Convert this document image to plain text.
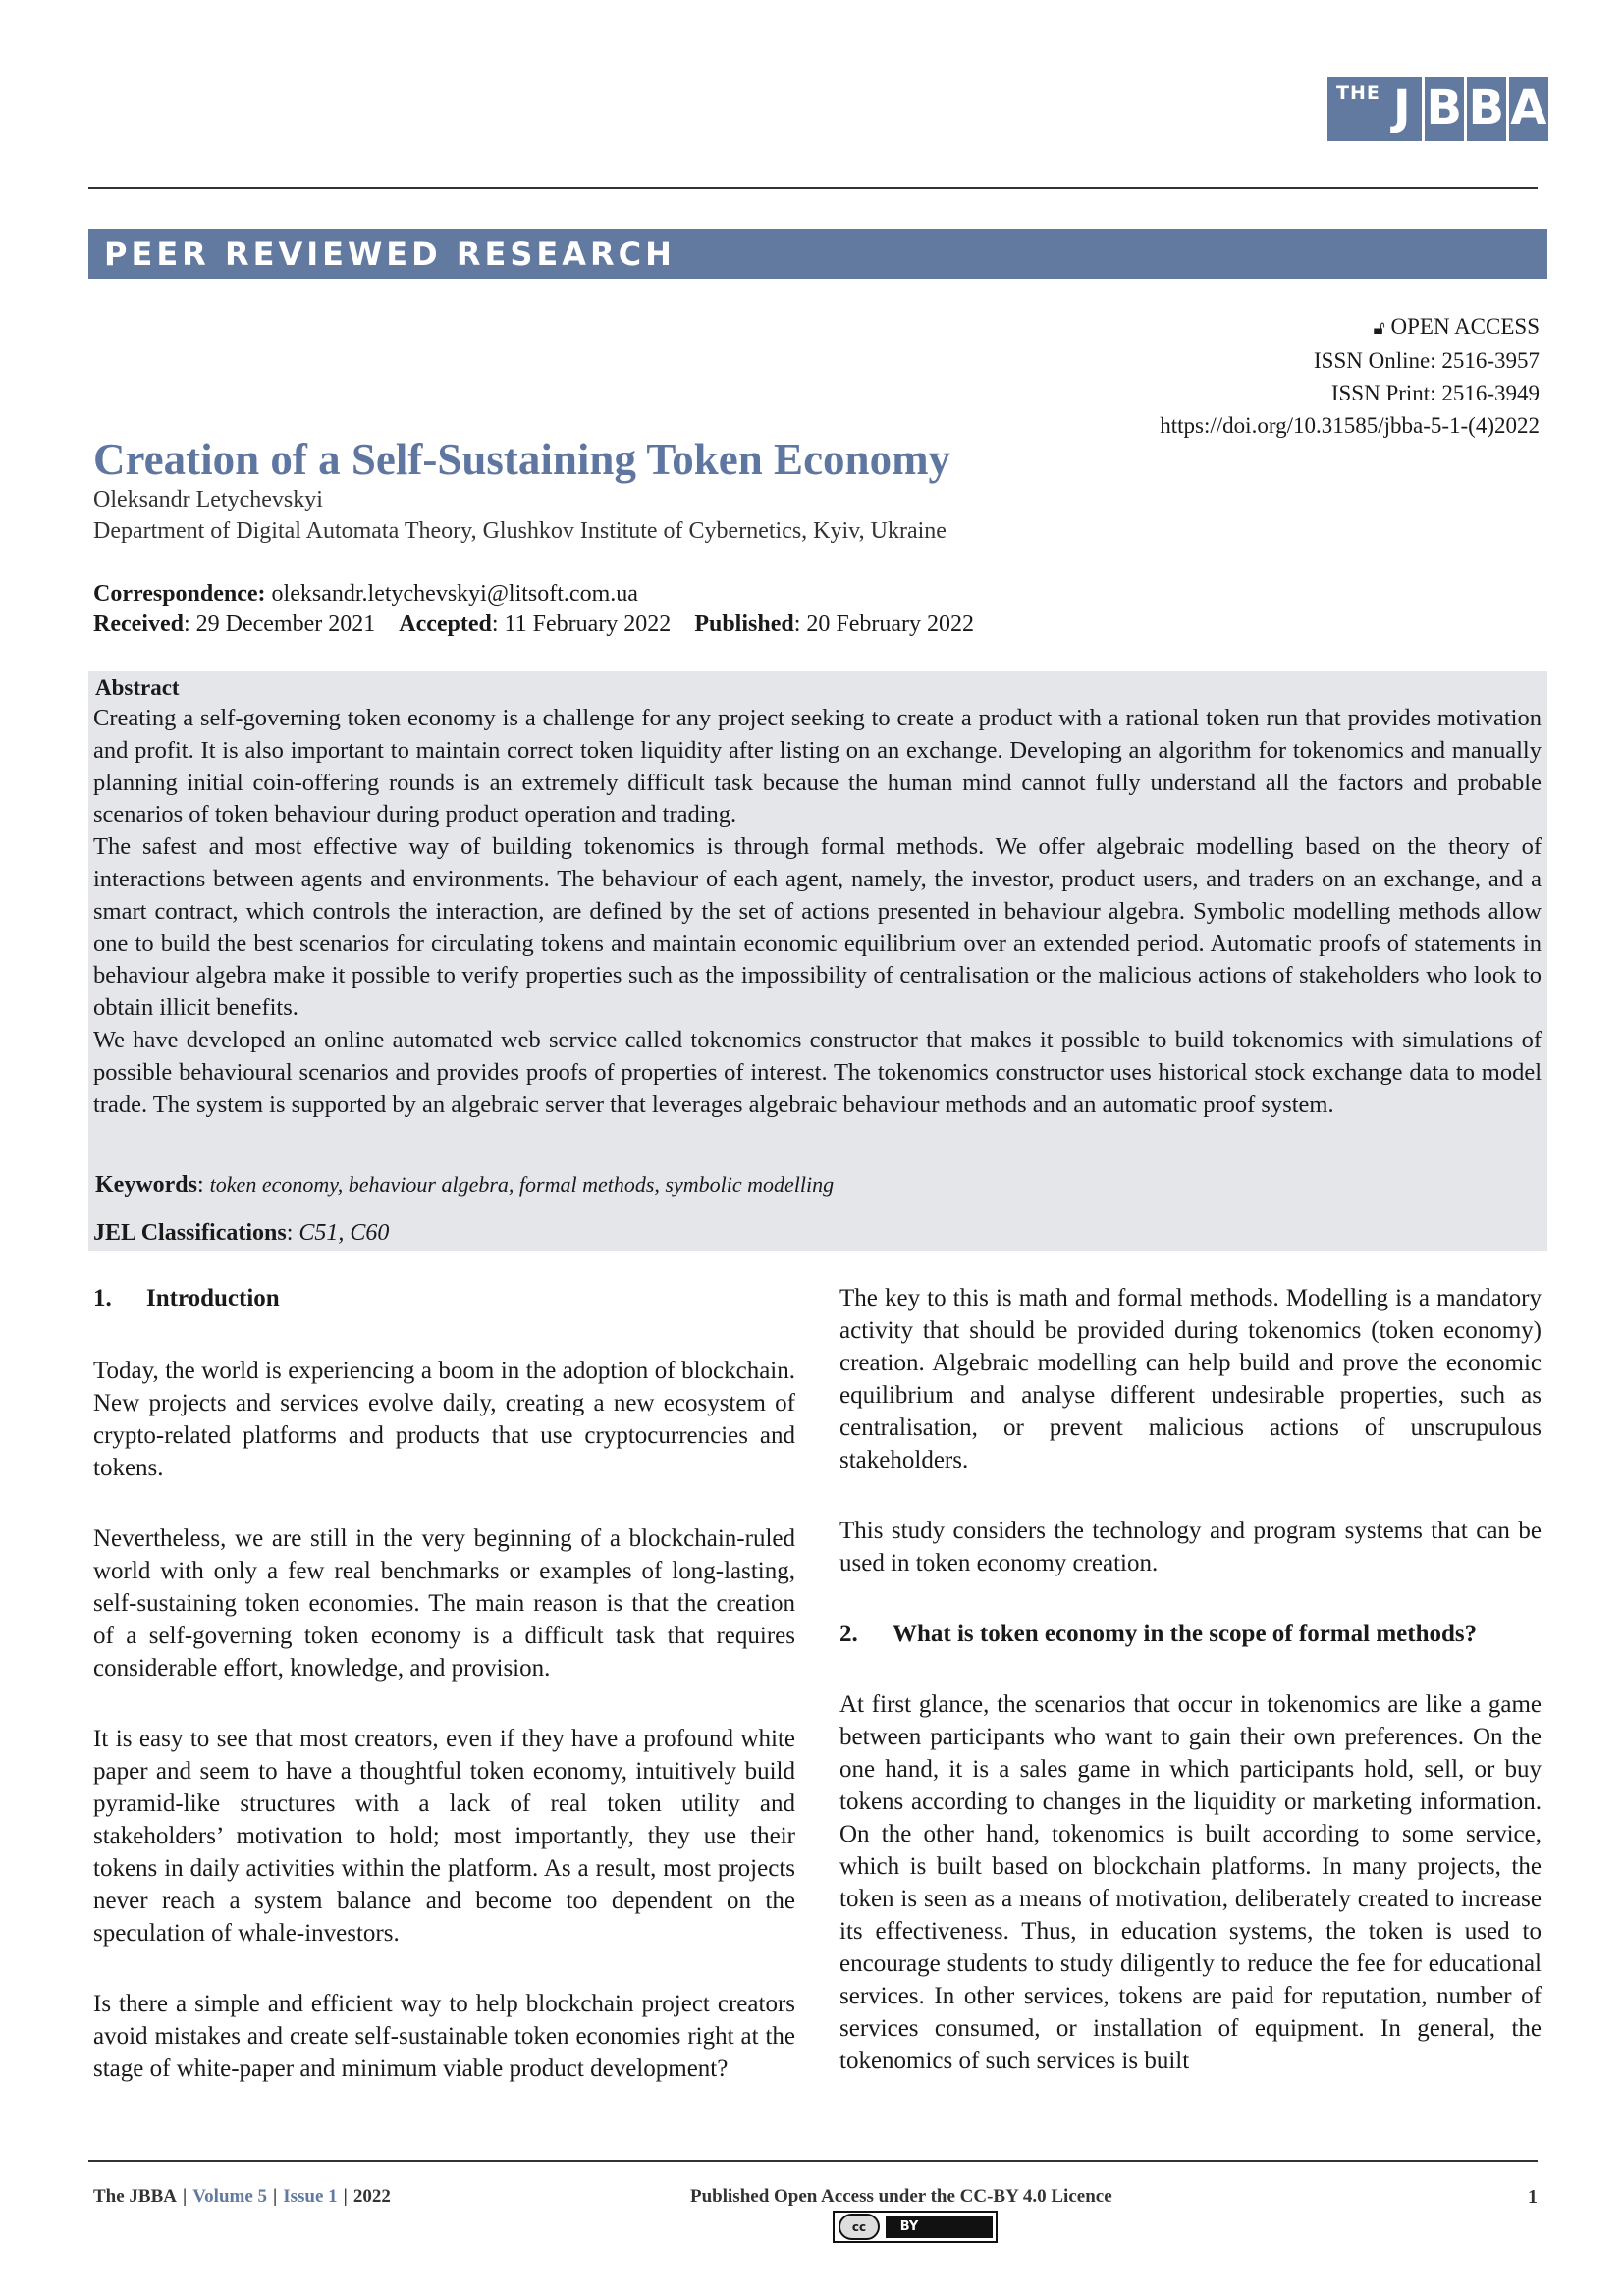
THE J B B A
PEER REVIEWED RESEARCH
🔓︎ OPEN ACCESS
ISSN Online: 2516-3957
ISSN Print: 2516-3949
https://doi.org/10.31585/jbba-5-1-(4)2022
Creation of a Self-Sustaining Token Economy
Oleksandr Letychevskyi
Department of Digital Automata Theory, Glushkov Institute of Cybernetics, Kyiv, Ukraine
Correspondence: oleksandr.letychevskyi@litsoft.com.ua
Received: 29 December 2021 Accepted: 11 February 2022 Published: 20 February 2022
Abstract

Creating a self-governing token economy is a challenge for any project seeking to create a product with a rational token run that provides motivation and profit. It is also important to maintain correct token liquidity after listing on an exchange. Developing an algorithm for tokenomics and manually planning initial coin-offering rounds is an extremely difficult task because the human mind cannot fully understand all the factors and probable scenarios of token behaviour during product operation and trading.

The safest and most effective way of building tokenomics is through formal methods. We offer algebraic modelling based on the theory of interactions between agents and environments. The behaviour of each agent, namely, the investor, product users, and traders on an exchange, and a smart contract, which controls the interaction, are defined by the set of actions presented in behaviour algebra. Symbolic modelling methods allow one to build the best scenarios for circulating tokens and maintain economic equilibrium over an extended period. Automatic proofs of statements in behaviour algebra make it possible to verify properties such as the impossibility of centralisation or the malicious actions of stakeholders who look to obtain illicit benefits.

We have developed an online automated web service called tokenomics constructor that makes it possible to build tokenomics with simulations of possible behavioural scenarios and provides proofs of properties of interest. The tokenomics constructor uses historical stock exchange data to model trade. The system is supported by an algebraic server that leverages algebraic behaviour methods and an automatic proof system.

Keywords: token economy, behaviour algebra, formal methods, symbolic modelling
JEL Classifications: C51, C60

1.	Introduction

Today, the world is experiencing a boom in the adoption of blockchain. New projects and services evolve daily, creating a new ecosystem of crypto-related platforms and products that use cryptocurrencies and tokens.

Nevertheless, we are still in the very beginning of a blockchain-ruled world with only a few real benchmarks or examples of long-lasting, self-sustaining token economies. The main reason is that the creation of a self-governing token economy is a difficult task that requires considerable effort, knowledge, and provision.

It is easy to see that most creators, even if they have a profound white paper and seem to have a thoughtful token economy, intuitively build pyramid-like structures with a lack of real token utility and stakeholders’ motivation to hold; most importantly, they use their tokens in daily activities within the platform. As a result, most projects never reach a system balance and become too dependent on the speculation of whale-investors.

Is there a simple and efficient way to help blockchain project creators avoid mistakes and create self-sustainable token economies right at the stage of white-paper and minimum viable product development?

The key to this is math and formal methods. Modelling is a mandatory activity that should be provided during tokenomics (token economy) creation. Algebraic modelling can help build and prove the economic equilibrium and analyse different undesirable properties, such as centralisation, or prevent malicious actions of unscrupulous stakeholders.

This study considers the technology and program systems that can be used in token economy creation.

2.	What is token economy in the scope of formal methods?

At first glance, the scenarios that occur in tokenomics are like a game between participants who want to gain their own preferences. On the one hand, it is a sales game in which participants hold, sell, or buy tokens according to changes in the liquidity or marketing information. On the other hand, tokenomics is built according to some service, which is built based on blockchain platforms. In many projects, the token is seen as a means of motivation, deliberately created to increase its effectiveness. Thus, in education systems, the token is used to encourage students to study diligently to reduce the fee for educational services. In other services, tokens are paid for reputation, number of services consumed, or installation of equipment. In general, the tokenomics of such services is built

The JBBA | Volume 5 | Issue 1 | 2022	Published Open Access under the CC-BY 4.0 Licence
cc	BY
1
